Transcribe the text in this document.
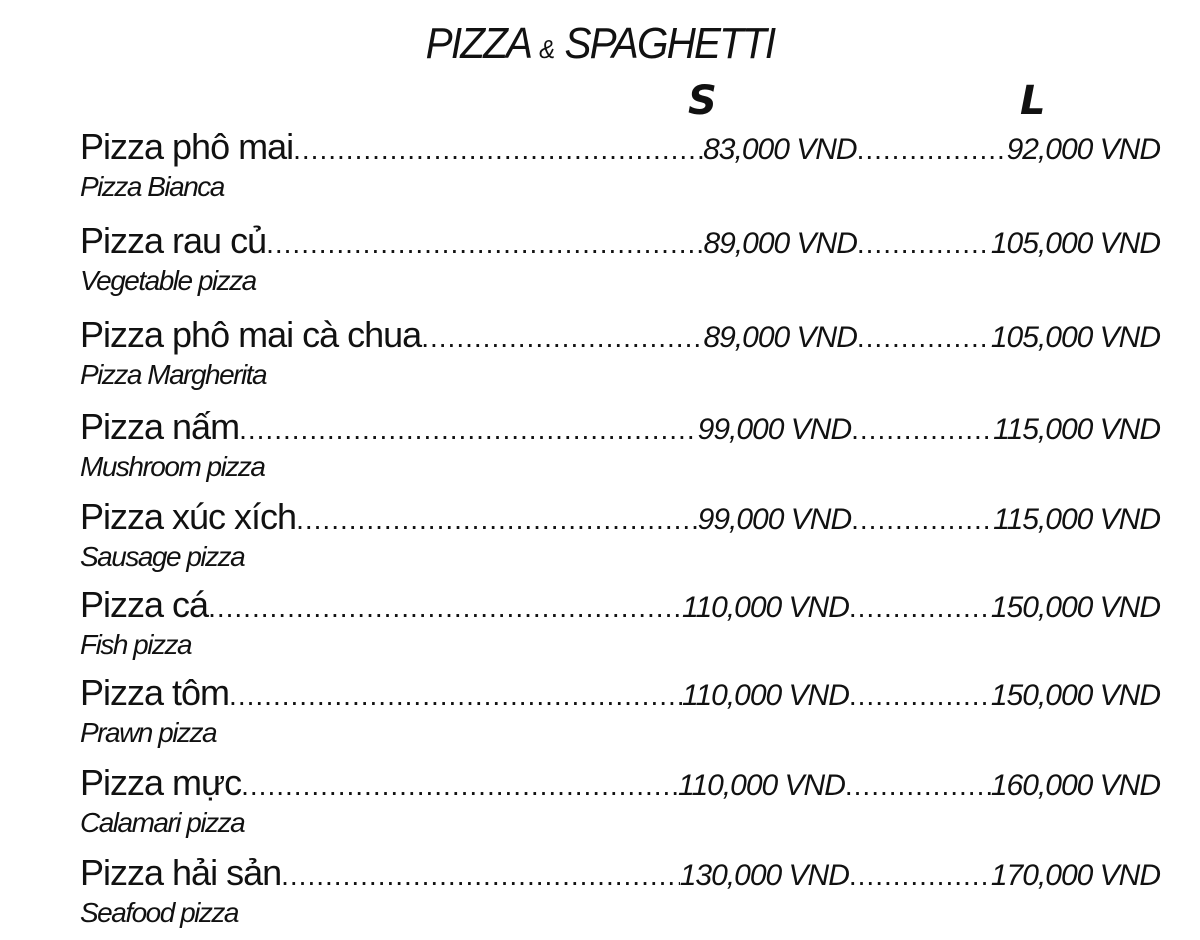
PIZZA & SPAGHETTI
S	L
Pizza phô mai .....	83,000 VND .....	92,000 VND
Pizza Bianca
Pizza rau củ .....	89,000 VND .....	105,000 VND
Vegetable pizza
Pizza phô mai cà chua .....	89,000 VND .....	105,000 VND
Pizza Margherita
Pizza nấm .....	99,000 VND .....	115,000 VND
Mushroom pizza
Pizza xúc xích .....	99,000 VND .....	115,000 VND
Sausage pizza
Pizza cá .....	110,000 VND .....	150,000 VND
Fish pizza
Pizza tôm .....	110,000 VND .....	150,000 VND
Prawn pizza
Pizza mực .....	110,000 VND .....	160,000 VND
Calamari pizza
Pizza hải sản .....	130,000 VND .....	170,000 VND
Seafood pizza
